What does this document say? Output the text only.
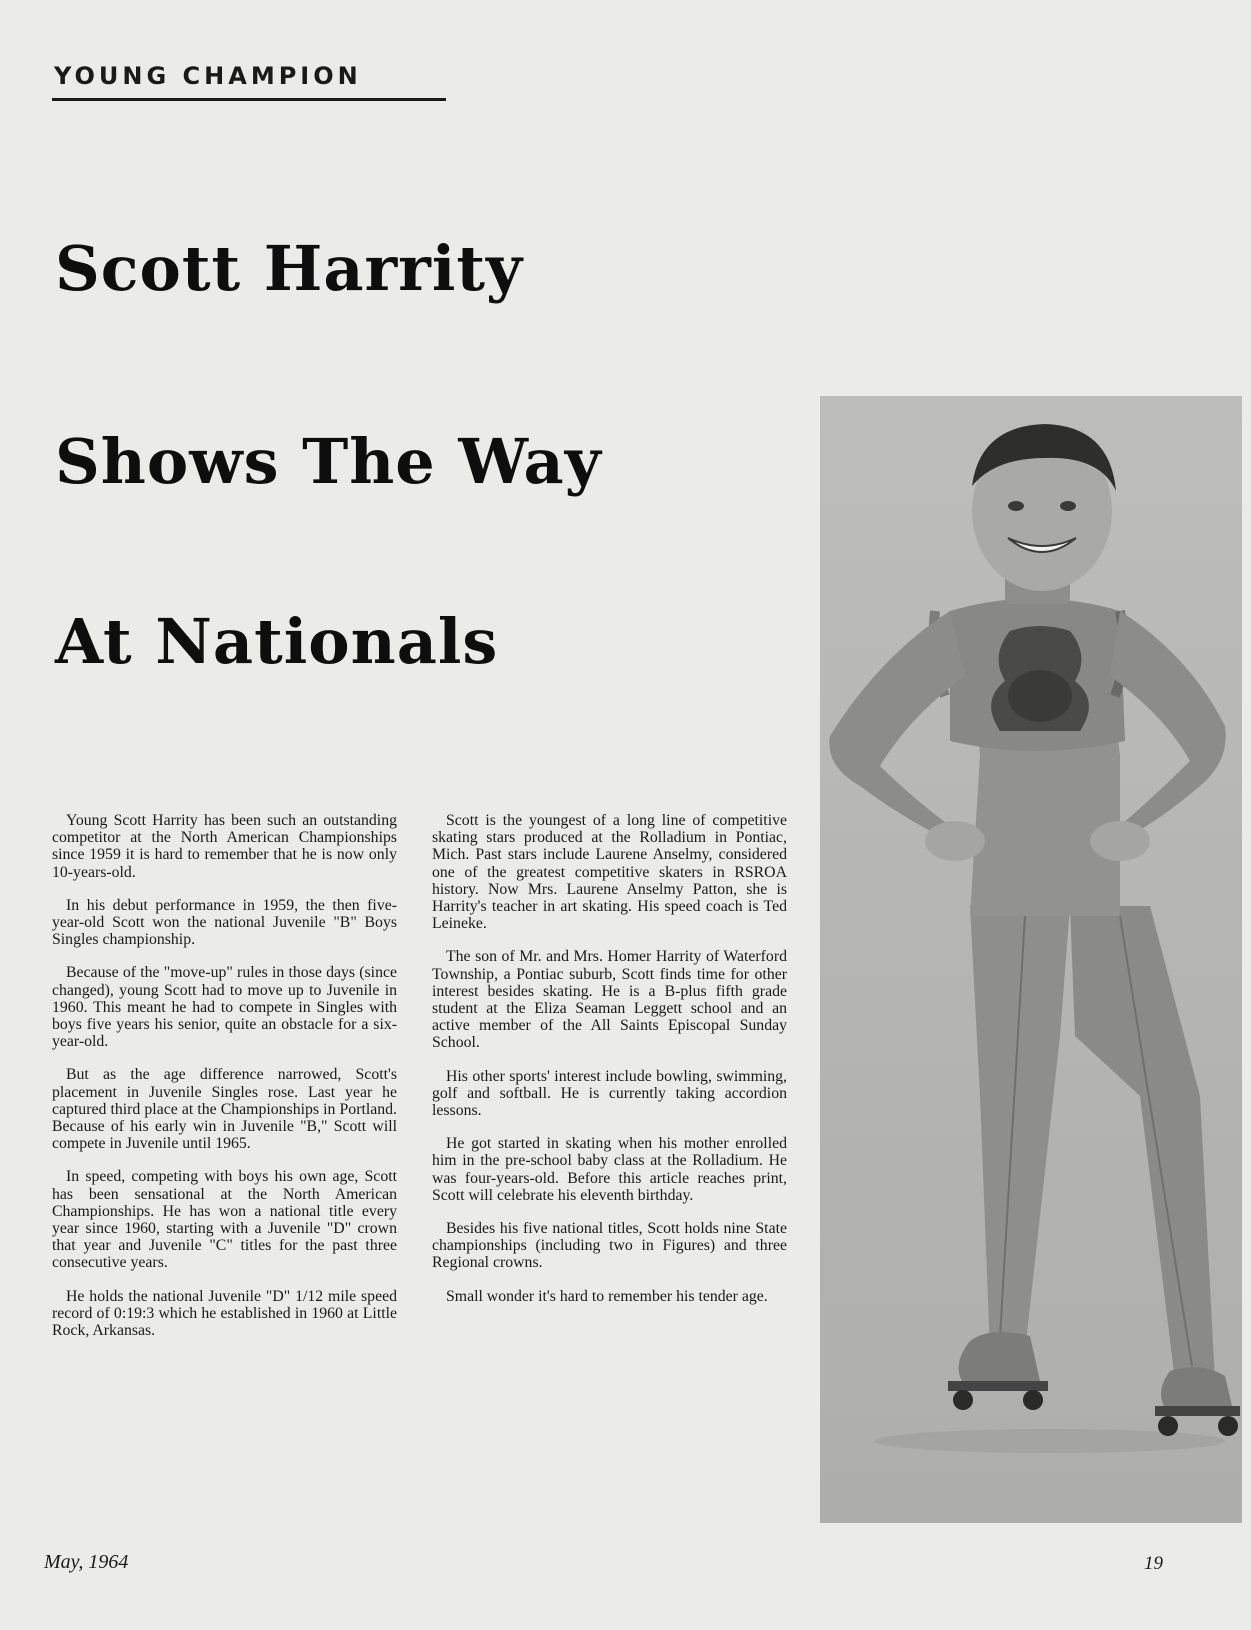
YOUNG CHAMPION
Scott Harrity
Shows The Way
At Nationals

Young Scott Harrity has been such an outstanding competitor at the North American Championships since 1959 it is hard to remember that he is now only 10-years-old.

In his debut performance in 1959, the then five-year-old Scott won the national Juvenile "B" Boys Singles championship.

Because of the "move-up" rules in those days (since changed), young Scott had to move up to Juvenile in 1960. This meant he had to compete in Singles with boys five years his senior, quite an obstacle for a six-year-old.

But as the age difference narrowed, Scott's placement in Juvenile Singles rose. Last year he captured third place at the Championships in Portland. Because of his early win in Juvenile "B," Scott will compete in Juvenile until 1965.

In speed, competing with boys his own age, Scott has been sensational at the North American Championships. He has won a national title every year since 1960, starting with a Juvenile "D" crown that year and Juvenile "C" titles for the past three consecutive years.

He holds the national Juvenile "D" 1/12 mile speed record of 0:19:3 which he established in 1960 at Little Rock, Arkansas.

Scott is the youngest of a long line of competitive skating stars produced at the Rolladium in Pontiac, Mich. Past stars include Laurene Anselmy, considered one of the greatest competitive skaters in RSROA history. Now Mrs. Laurene Anselmy Patton, she is Harrity's teacher in art skating. His speed coach is Ted Leineke.

The son of Mr. and Mrs. Homer Harrity of Waterford Township, a Pontiac suburb, Scott finds time for other interest besides skating. He is a B-plus fifth grade student at the Eliza Seaman Leggett school and an active member of the All Saints Episcopal Sunday School.

His other sports' interest include bowling, swimming, golf and softball. He is currently taking accordion lessons.

He got started in skating when his mother enrolled him in the pre-school baby class at the Rolladium. He was four-years-old. Before this article reaches print, Scott will celebrate his eleventh birthday.

Besides his five national titles, Scott holds nine State championships (including two in Figures) and three Regional crowns.

Small wonder it's hard to remember his tender age.

May, 1964	19
